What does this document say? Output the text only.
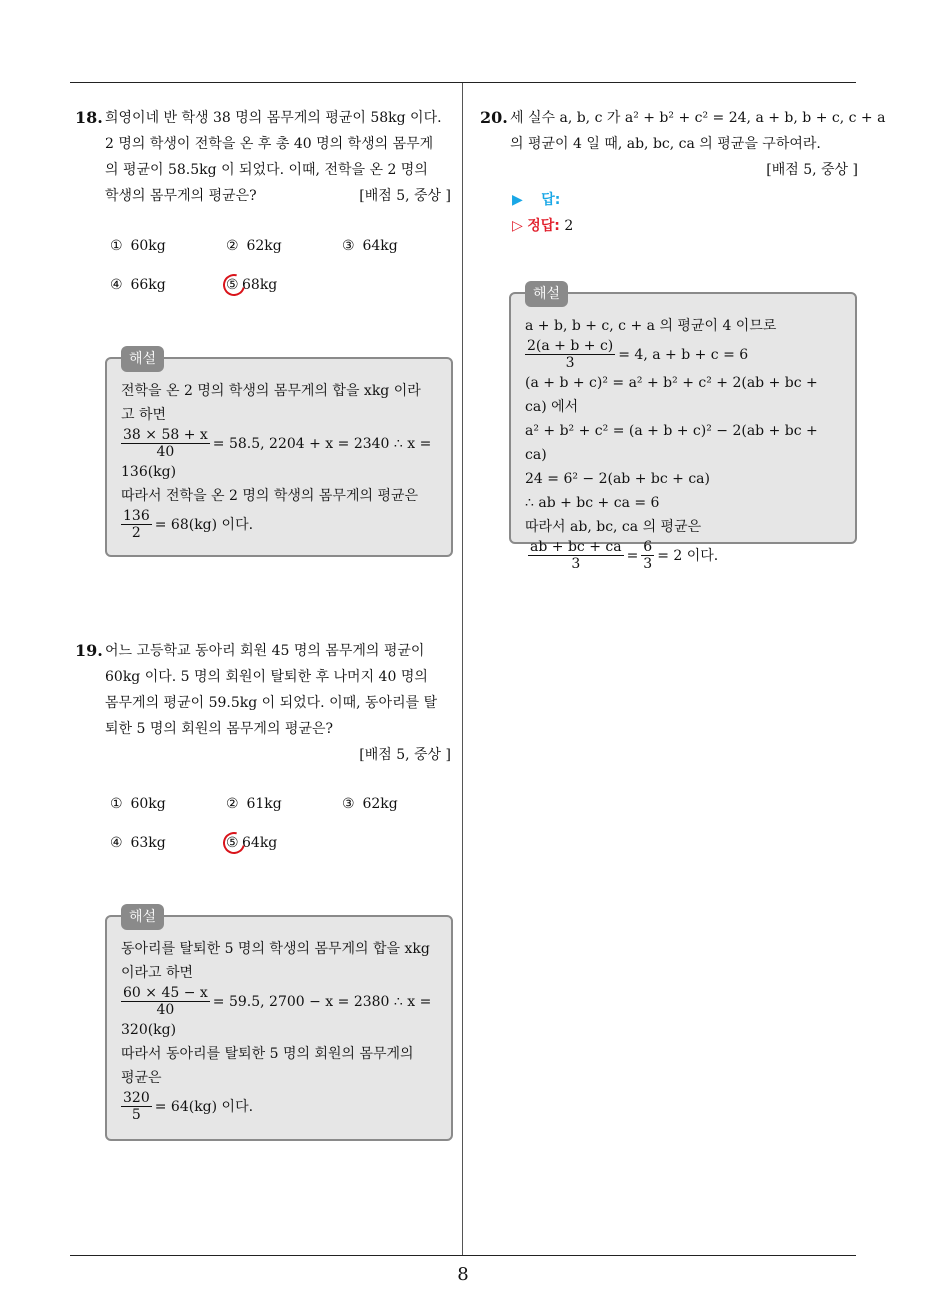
18. 희영이네 반 학생 38 명의 몸무게의 평균이 58kg 이다.

2 명의 학생이 전학을 온 후 총 40 명의 학생의 몸무게

의 평균이 58.5kg 이 되었다. 이때, 전학을 온 2 명의

학생의 몸무게의 평균은?	[배점 5, 중상 ]

① 60kg	② 62kg	③ 64kg
④ 66kg	⑤ 68kg
해설

전학을 온 2 명의 학생의 몸무게의 합을 xkg 이라

고 하면

$\frac{38 \times 58 + x}{40} = 58.5$, 2204 + x = 2340 ∴ x =

136(kg)

따라서 전학을 온 2 명의 학생의 몸무게의 평균은

$\frac{136}{2} = 68(kg)$ 이다.
19. 어느 고등학교 동아리 회원 45 명의 몸무게의 평균이

60kg 이다. 5 명의 회원이 탈퇴한 후 나머지 40 명의

몸무게의 평균이 59.5kg 이 되었다. 이때, 동아리를 탈

퇴한 5 명의 회원의 몸무게의 평균은?

[배점 5, 중상 ]

① 60kg	② 61kg	③ 62kg
④ 63kg	⑤ 64kg
해설

동아리를 탈퇴한 5 명의 학생의 몸무게의 합을 xkg

이라고 하면

$\frac{60 \times 45 - x}{40} = 59.5$, 2700 − x = 2380 ∴ x =

320(kg)

따라서 동아리를 탈퇴한 5 명의 회원의 몸무게의

평균은

$\frac{320}{5} = 64(kg)$ 이다.
20. 세 실수 a, b, c 가 a² + b² + c² = 24, a + b, b + c, c + a

의 평균이 4 일 때, ab, bc, ca 의 평균을 구하여라.

[배점 5, 중상 ]

▶ 답:
▷ 정답: 2
해설

a + b, b + c, c + a 의 평균이 4 이므로

$\frac{2(a + b + c)}{3} = 4$, a + b + c = 6

(a + b + c)² = a² + b² + c² + 2(ab + bc + ca) 에서

a² + b² + c² = (a + b + c)² − 2(ab + bc + ca)

24 = 6² − 2(ab + bc + ca)

∴ ab + bc + ca = 6

따라서 ab, bc, ca 의 평균은

$\frac{ab + bc + ca}{3} = \frac{6}{3} = 2$ 이다.
8
